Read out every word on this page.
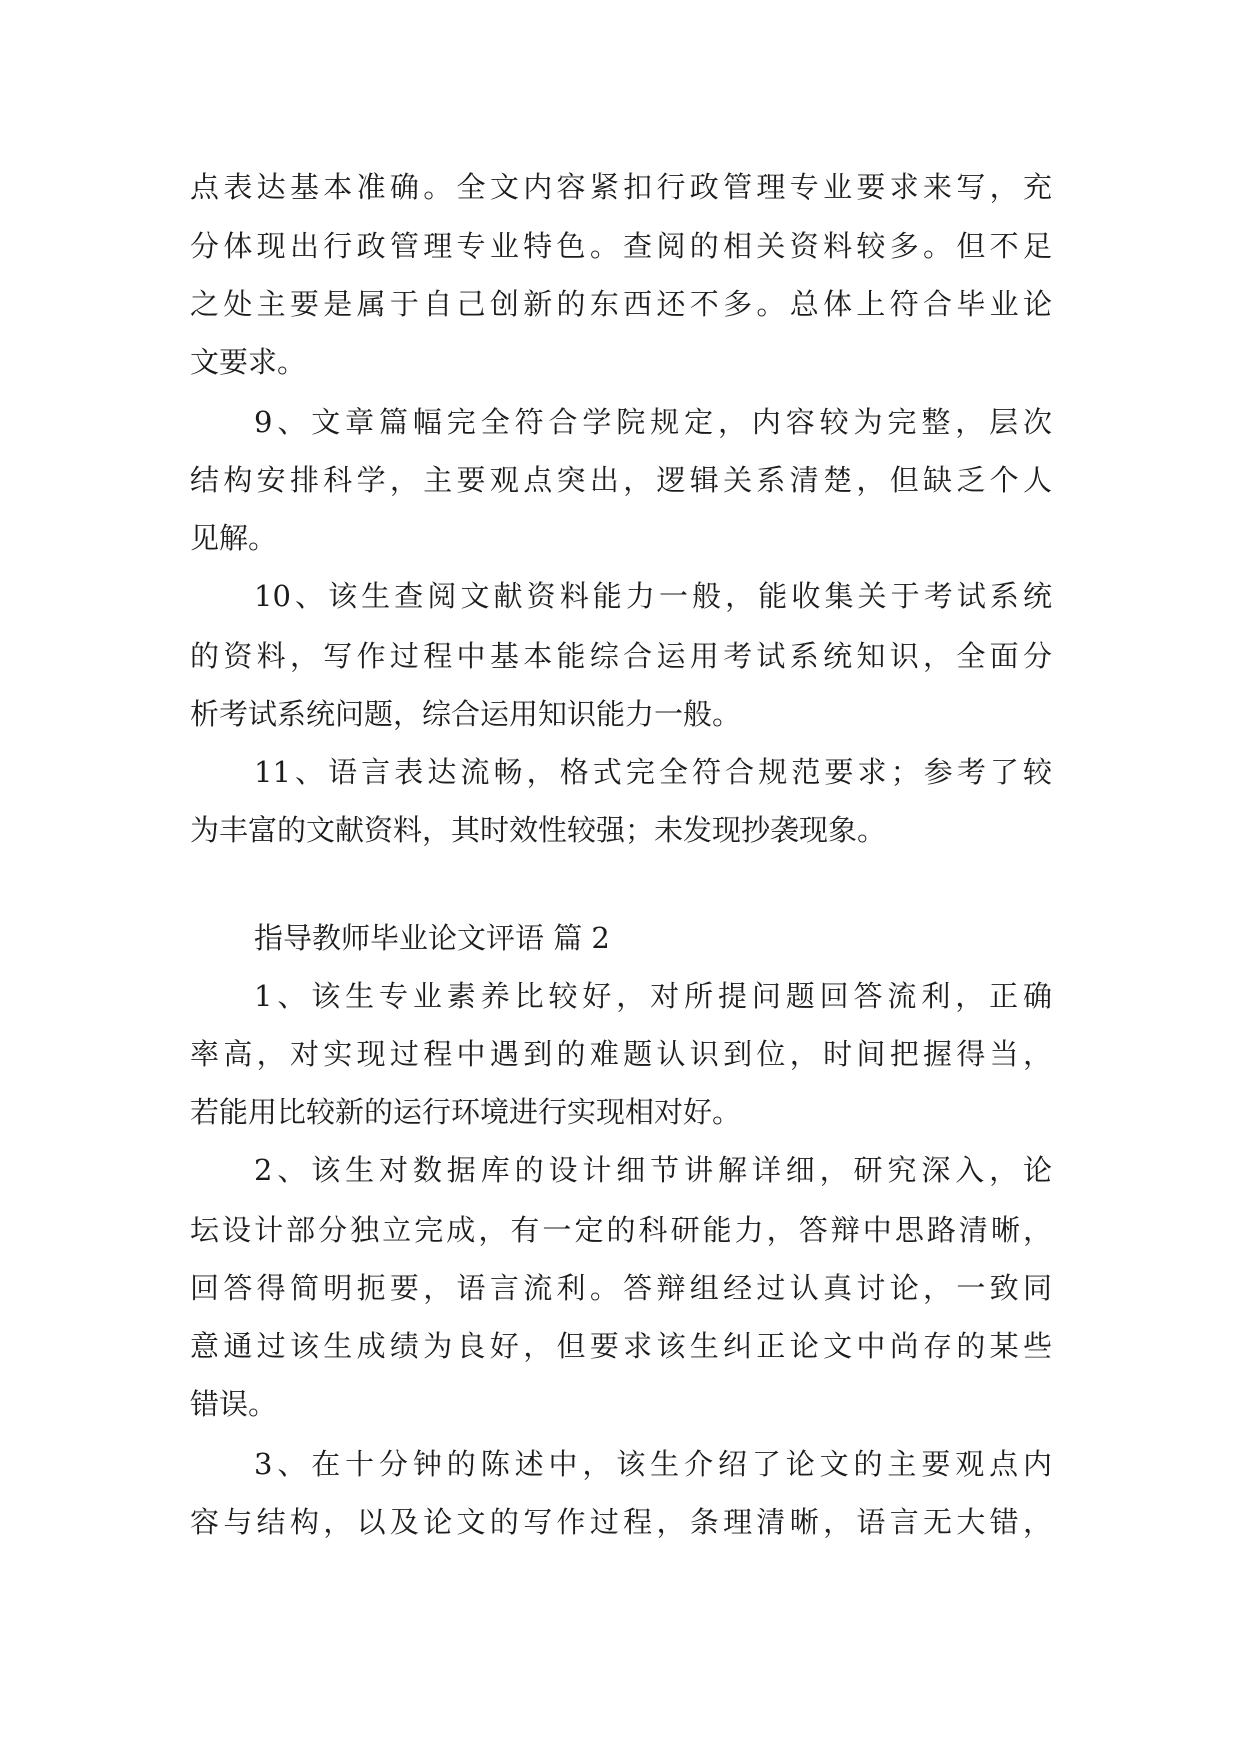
点表达基本准确。全文内容紧扣行政管理专业要求来写，充
分体现出行政管理专业特色。查阅的相关资料较多。但不足
之处主要是属于自己创新的东西还不多。总体上符合毕业论
文要求。
9、文章篇幅完全符合学院规定，内容较为完整，层次
结构安排科学，主要观点突出，逻辑关系清楚，但缺乏个人
见解。
10、该生查阅文献资料能力一般，能收集关于考试系统
的资料，写作过程中基本能综合运用考试系统知识，全面分
析考试系统问题，综合运用知识能力一般。
11、语言表达流畅，格式完全符合规范要求；参考了较
为丰富的文献资料，其时效性较强；未发现抄袭现象。
指导教师毕业论文评语 篇 2
1、该生专业素养比较好，对所提问题回答流利，正确
率高，对实现过程中遇到的难题认识到位，时间把握得当，
若能用比较新的运行环境进行实现相对好。
2、该生对数据库的设计细节讲解详细，研究深入，论
坛设计部分独立完成，有一定的科研能力，答辩中思路清晰，
回答得简明扼要，语言流利。答辩组经过认真讨论，一致同
意通过该生成绩为良好，但要求该生纠正论文中尚存的某些
错误。
3、在十分钟的陈述中，该生介绍了论文的主要观点内
容与结构，以及论文的写作过程，条理清晰，语言无大错，
